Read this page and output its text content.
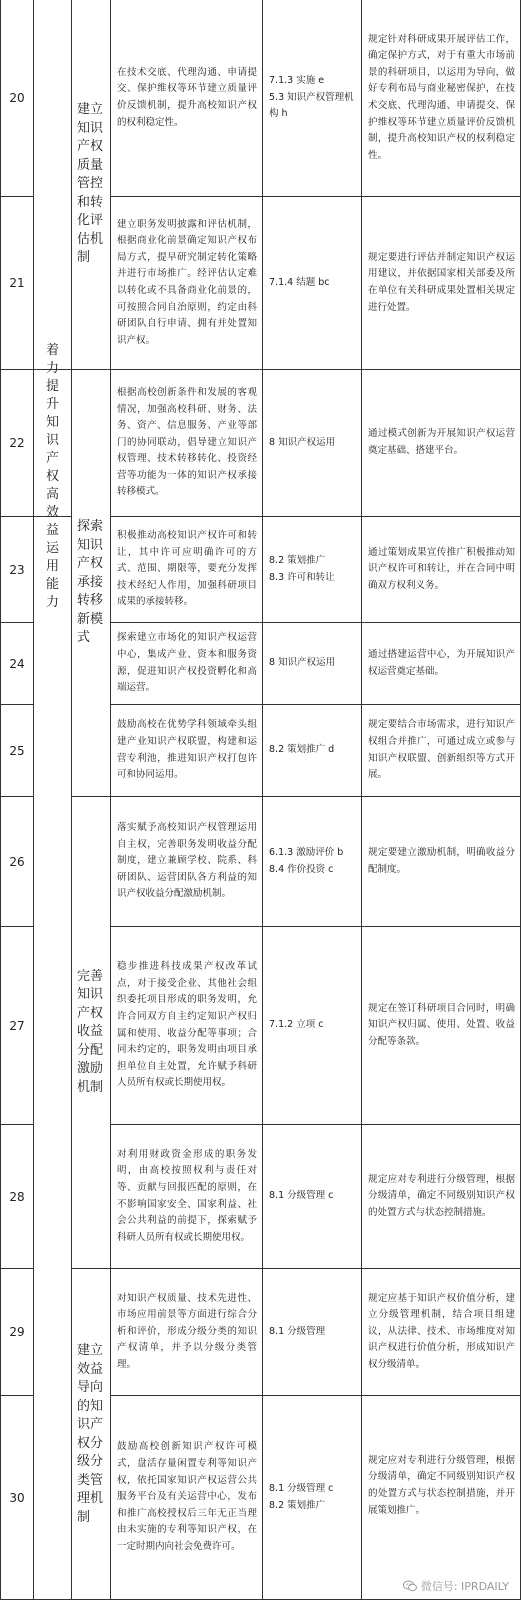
着力提升知识产权高效益运用能力
建立知识产权质量管控和转化评估机制
探索知识产权承接转移新模式
完善知识产权收益分配激励机制
建立效益导向的知识产权分级分类管理机制
20
在技术交底、代理沟通、申请提交、保护维权等环节建立质量评价反馈机制，提升高校知识产权的权利稳定性。
7.1.3 实施 e
5.3 知识产权管理机构 h
规定针对科研成果开展评估工作，确定保护方式，对于有重大市场前景的科研项目，以运用为导向，做好专利布局与商业秘密保护，在技术交底、代理沟通、申请提交、保护维权等环节建立质量评价反馈机制，提升高校知识产权的权利稳定性。
21
建立职务发明披露和评估机制，根据商业化前景确定知识产权布局方式，提早研究制定转化策略并进行市场推广。经评估认定难以转化或不具备商业化前景的，可按照合同自治原则，约定由科研团队自行申请、拥有并处置知识产权。
7.1.4 结题 bc
规定要进行评估并制定知识产权运用建议，并依据国家相关部委及所在单位有关科研成果处置相关规定进行处置。
22
根据高校创新条件和发展的客观情况，加强高校科研、财务、法务、资产、信息服务、产业等部门的协同联动，倡导建立知识产权管理、技术转移转化、投资经营等功能为一体的知识产权承接转移模式。
8 知识产权运用
通过模式创新为开展知识产权运营奠定基础、搭建平台。
23
积极推动高校知识产权许可和转让，其中许可应明确许可的方式、范围、期限等，要充分发挥技术经纪人作用，加强科研项目成果的承接转移。
8.2 策划推广
8.3 许可和转让
通过策划成果宣传推广积极推动知识产权许可和转让，并在合同中明确双方权利义务。
24
探索建立市场化的知识产权运营中心，集成产业、资本和服务资源，促进知识产权投资孵化和高端运营。
8 知识产权运用
通过搭建运营中心，为开展知识产权运营奠定基础。
25
鼓励高校在优势学科领域牵头组建产业知识产权联盟，构建和运营专利池，推进知识产权打包许可和协同运用。
8.2 策划推广 d
规定要结合市场需求，进行知识产权组合并推广，可通过成立或参与知识产权联盟、创新组织等方式开展。
26
落实赋予高校知识产权管理运用自主权，完善职务发明收益分配制度，建立兼顾学校、院系、科研团队、运营团队各方利益的知识产权收益分配激励机制。
6.1.3 激励评价 b
8.4 作价投资 c
规定要建立激励机制，明确收益分配制度。
27
稳步推进科技成果产权改革试点，对于接受企业、其他社会组织委托项目形成的职务发明，允许合同双方自主约定知识产权归属和使用、收益分配等事项；合同未约定的，职务发明由项目承担单位自主处置，允许赋予科研人员所有权或长期使用权。
7.1.2 立项 c
规定在签订科研项目合同时，明确知识产权归属、使用、处置、收益分配等条款。
28
对利用财政资金形成的职务发明，由高校按照权利与责任对等、贡献与回报匹配的原则，在不影响国家安全、国家利益、社会公共利益的前提下，探索赋予科研人员所有权或长期使用权。
8.1 分级管理 c
规定应对专利进行分级管理，根据分级清单，确定不同级别知识产权的处置方式与状态控制措施。
29
对知识产权质量、技术先进性、市场应用前景等方面进行综合分析和评价，形成分级分类的知识产权清单，并予以分级分类管理。
8.1 分级管理
规定应基于知识产权价值分析，建立分级管理机制，结合项目组建议，从法律、技术、市场维度对知识产权进行价值分析，形成知识产权分级清单。
30
鼓励高校创新知识产权许可模式，盘活存量闲置专利等知识产权，依托国家知识产权运营公共服务平台及有关运营中心，发布和推广高校授权后三年无正当理由未实施的专利等知识产权，在一定时期内向社会免费许可。
8.1 分级管理 c
8.2 策划推广
规定应对专利进行分级管理，根据分级清单，确定不同级别知识产权的处置方式与状态控制措施，并开展策划推广。
微信号: IPRDAILY
